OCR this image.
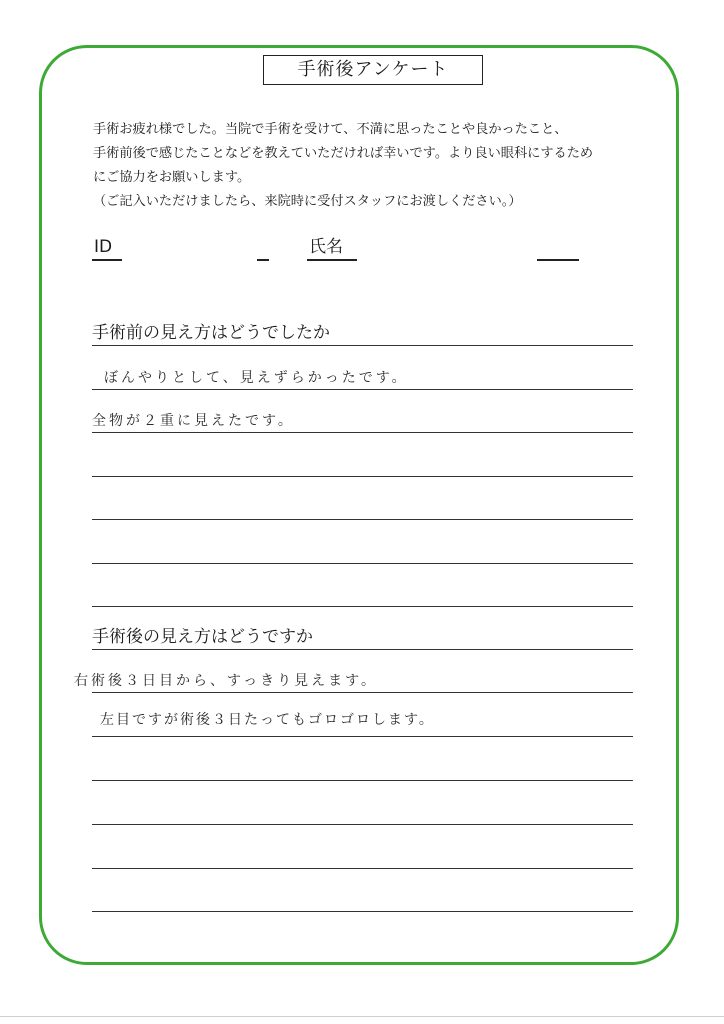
手術後アンケート
手術お疲れ様でした。当院で手術を受けて、不満に思ったことや良かったこと、
手術前後で感じたことなどを教えていただければ幸いです。より良い眼科にするため
にご協力をお願いします。
（ご記入いただけましたら、来院時に受付スタッフにお渡しください。）
ID	氏名
手術前の見え方はどうでしたか
ぼんやりとして、見えずらかったです。
全物が２重に見えたです。
手術後の見え方はどうですか
右術後３日目から、すっきり見えます。
左目ですが術後３日たってもゴロゴロします。
